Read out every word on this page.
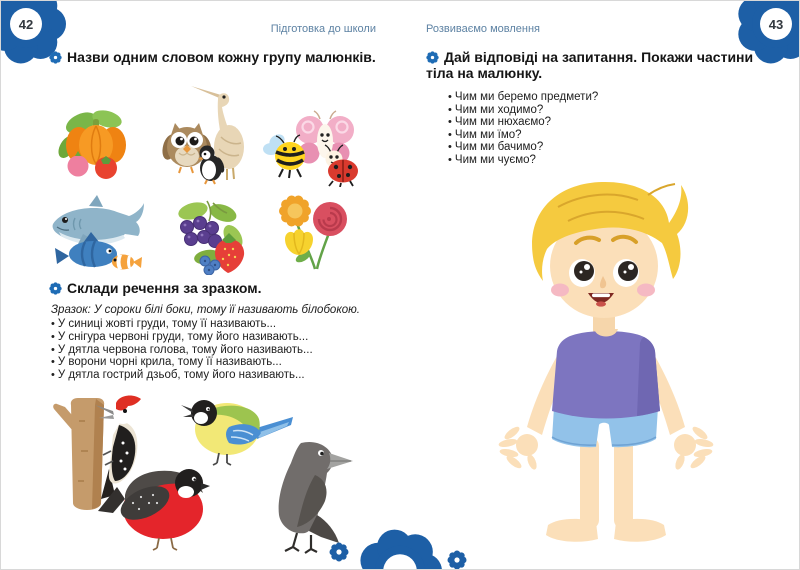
42	43
Підготовка до школи	Розвиваємо мовлення
Назви одним словом кожну групу малюнків.
Склади речення за зразком.
Зразок: У сороки білі боки, тому її називають білобокою.
• У синиці жовті груди, тому її називають...
• У снігура червоні груди, тому його називають...
• У дятла червона голова, тому його називають...
• У ворони чорні крила, тому її називають...
• У дятла гострий дзьоб, тому його називають...
Дай відповіді на запитання. Покажи частини тіла на малюнку.
• Чим ми беремо предмети?
• Чим ми ходимо?
• Чим ми нюхаємо?
• Чим ми їмо?
• Чим ми бачимо?
• Чим ми чуємо?
